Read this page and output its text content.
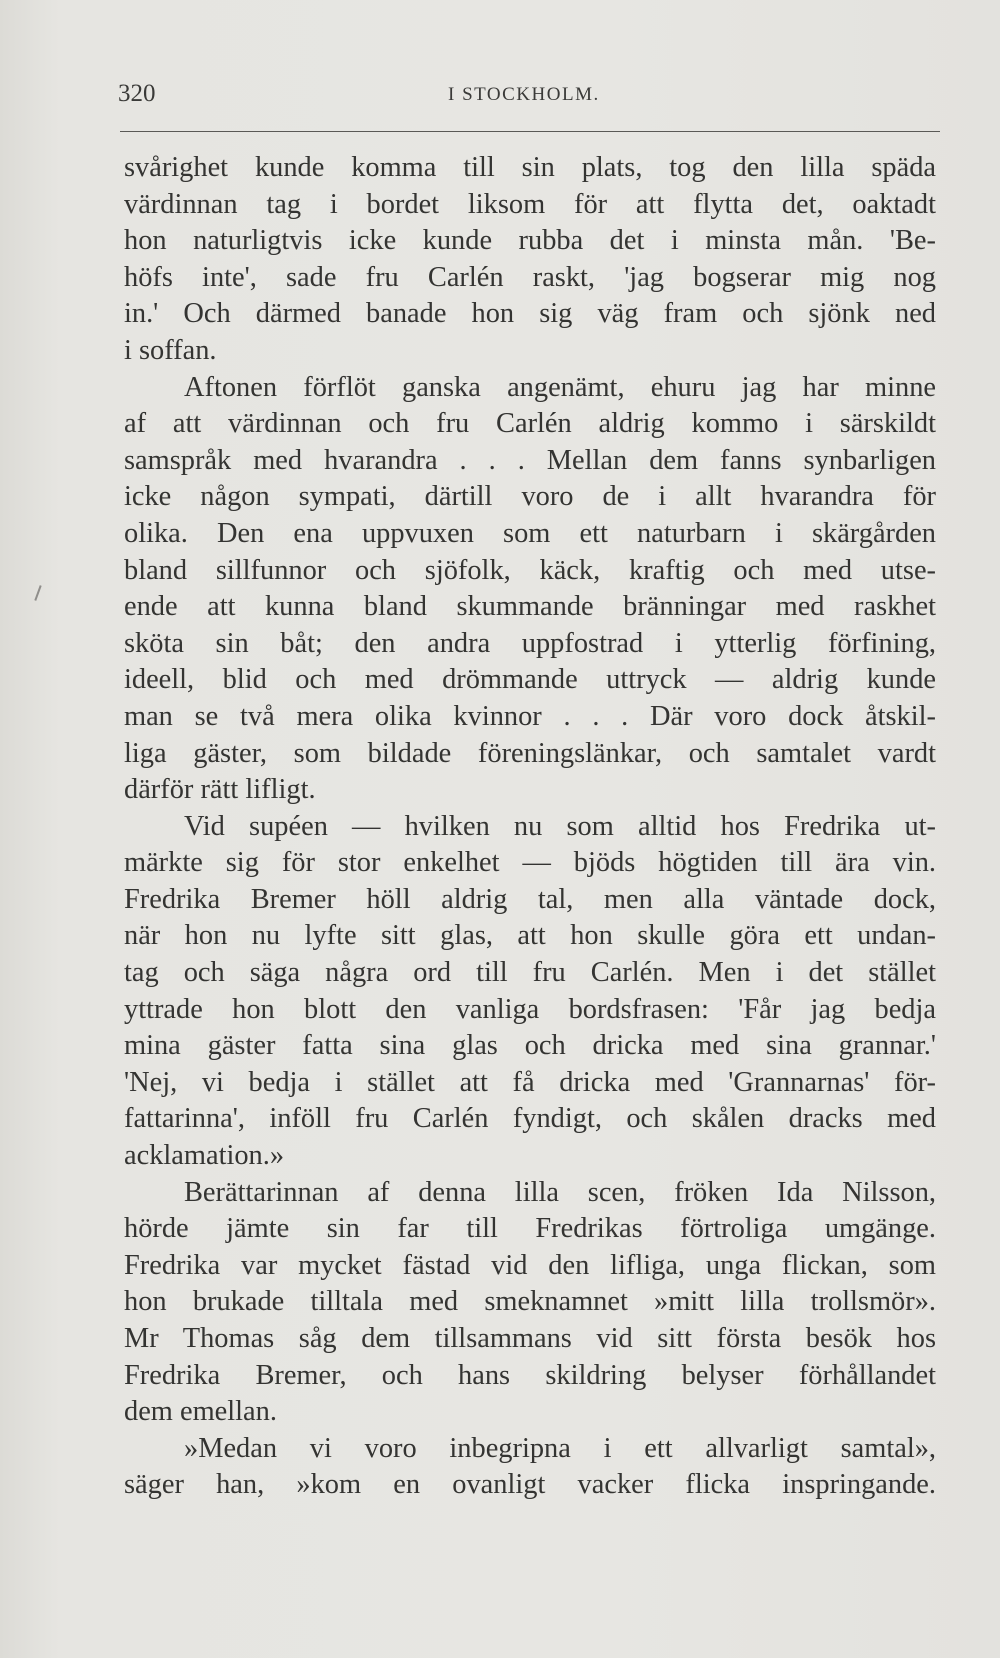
320	I STOCKHOLM.
svårighet kunde komma till sin plats, tog den lilla späda
värdinnan tag i bordet liksom för att flytta det, oaktadt
hon naturligtvis icke kunde rubba det i minsta mån. 'Be-
höfs inte', sade fru Carlén raskt, 'jag bogserar mig nog
in.' Och därmed banade hon sig väg fram och sjönk ned
i soffan.
Aftonen förflöt ganska angenämt, ehuru jag har minne
af att värdinnan och fru Carlén aldrig kommo i särskildt
samspråk med hvarandra . . . Mellan dem fanns synbarligen
icke någon sympati, därtill voro de i allt hvarandra för
olika. Den ena uppvuxen som ett naturbarn i skärgården
bland sillfunnor och sjöfolk, käck, kraftig och med utse-
ende att kunna bland skummande bränningar med raskhet
sköta sin båt; den andra uppfostrad i ytterlig förfining,
ideell, blid och med drömmande uttryck — aldrig kunde
man se två mera olika kvinnor . . . Där voro dock åtskil-
liga gäster, som bildade föreningslänkar, och samtalet vardt
därför rätt lifligt.
Vid supéen — hvilken nu som alltid hos Fredrika ut-
märkte sig för stor enkelhet — bjöds högtiden till ära vin.
Fredrika Bremer höll aldrig tal, men alla väntade dock,
när hon nu lyfte sitt glas, att hon skulle göra ett undan-
tag och säga några ord till fru Carlén. Men i det stället
yttrade hon blott den vanliga bordsfrasen: 'Får jag bedja
mina gäster fatta sina glas och dricka med sina grannar.'
'Nej, vi bedja i stället att få dricka med 'Grannarnas' för-
fattarinna', inföll fru Carlén fyndigt, och skålen dracks med
acklamation.»
Berättarinnan af denna lilla scen, fröken Ida Nilsson,
hörde jämte sin far till Fredrikas förtroliga umgänge.
Fredrika var mycket fästad vid den lifliga, unga flickan, som
hon brukade tilltala med smeknamnet »mitt lilla trollsmör».
Mr Thomas såg dem tillsammans vid sitt första besök hos
Fredrika Bremer, och hans skildring belyser förhållandet
dem emellan.
»Medan vi voro inbegripna i ett allvarligt samtal»,
säger han, »kom en ovanligt vacker flicka inspringande.
